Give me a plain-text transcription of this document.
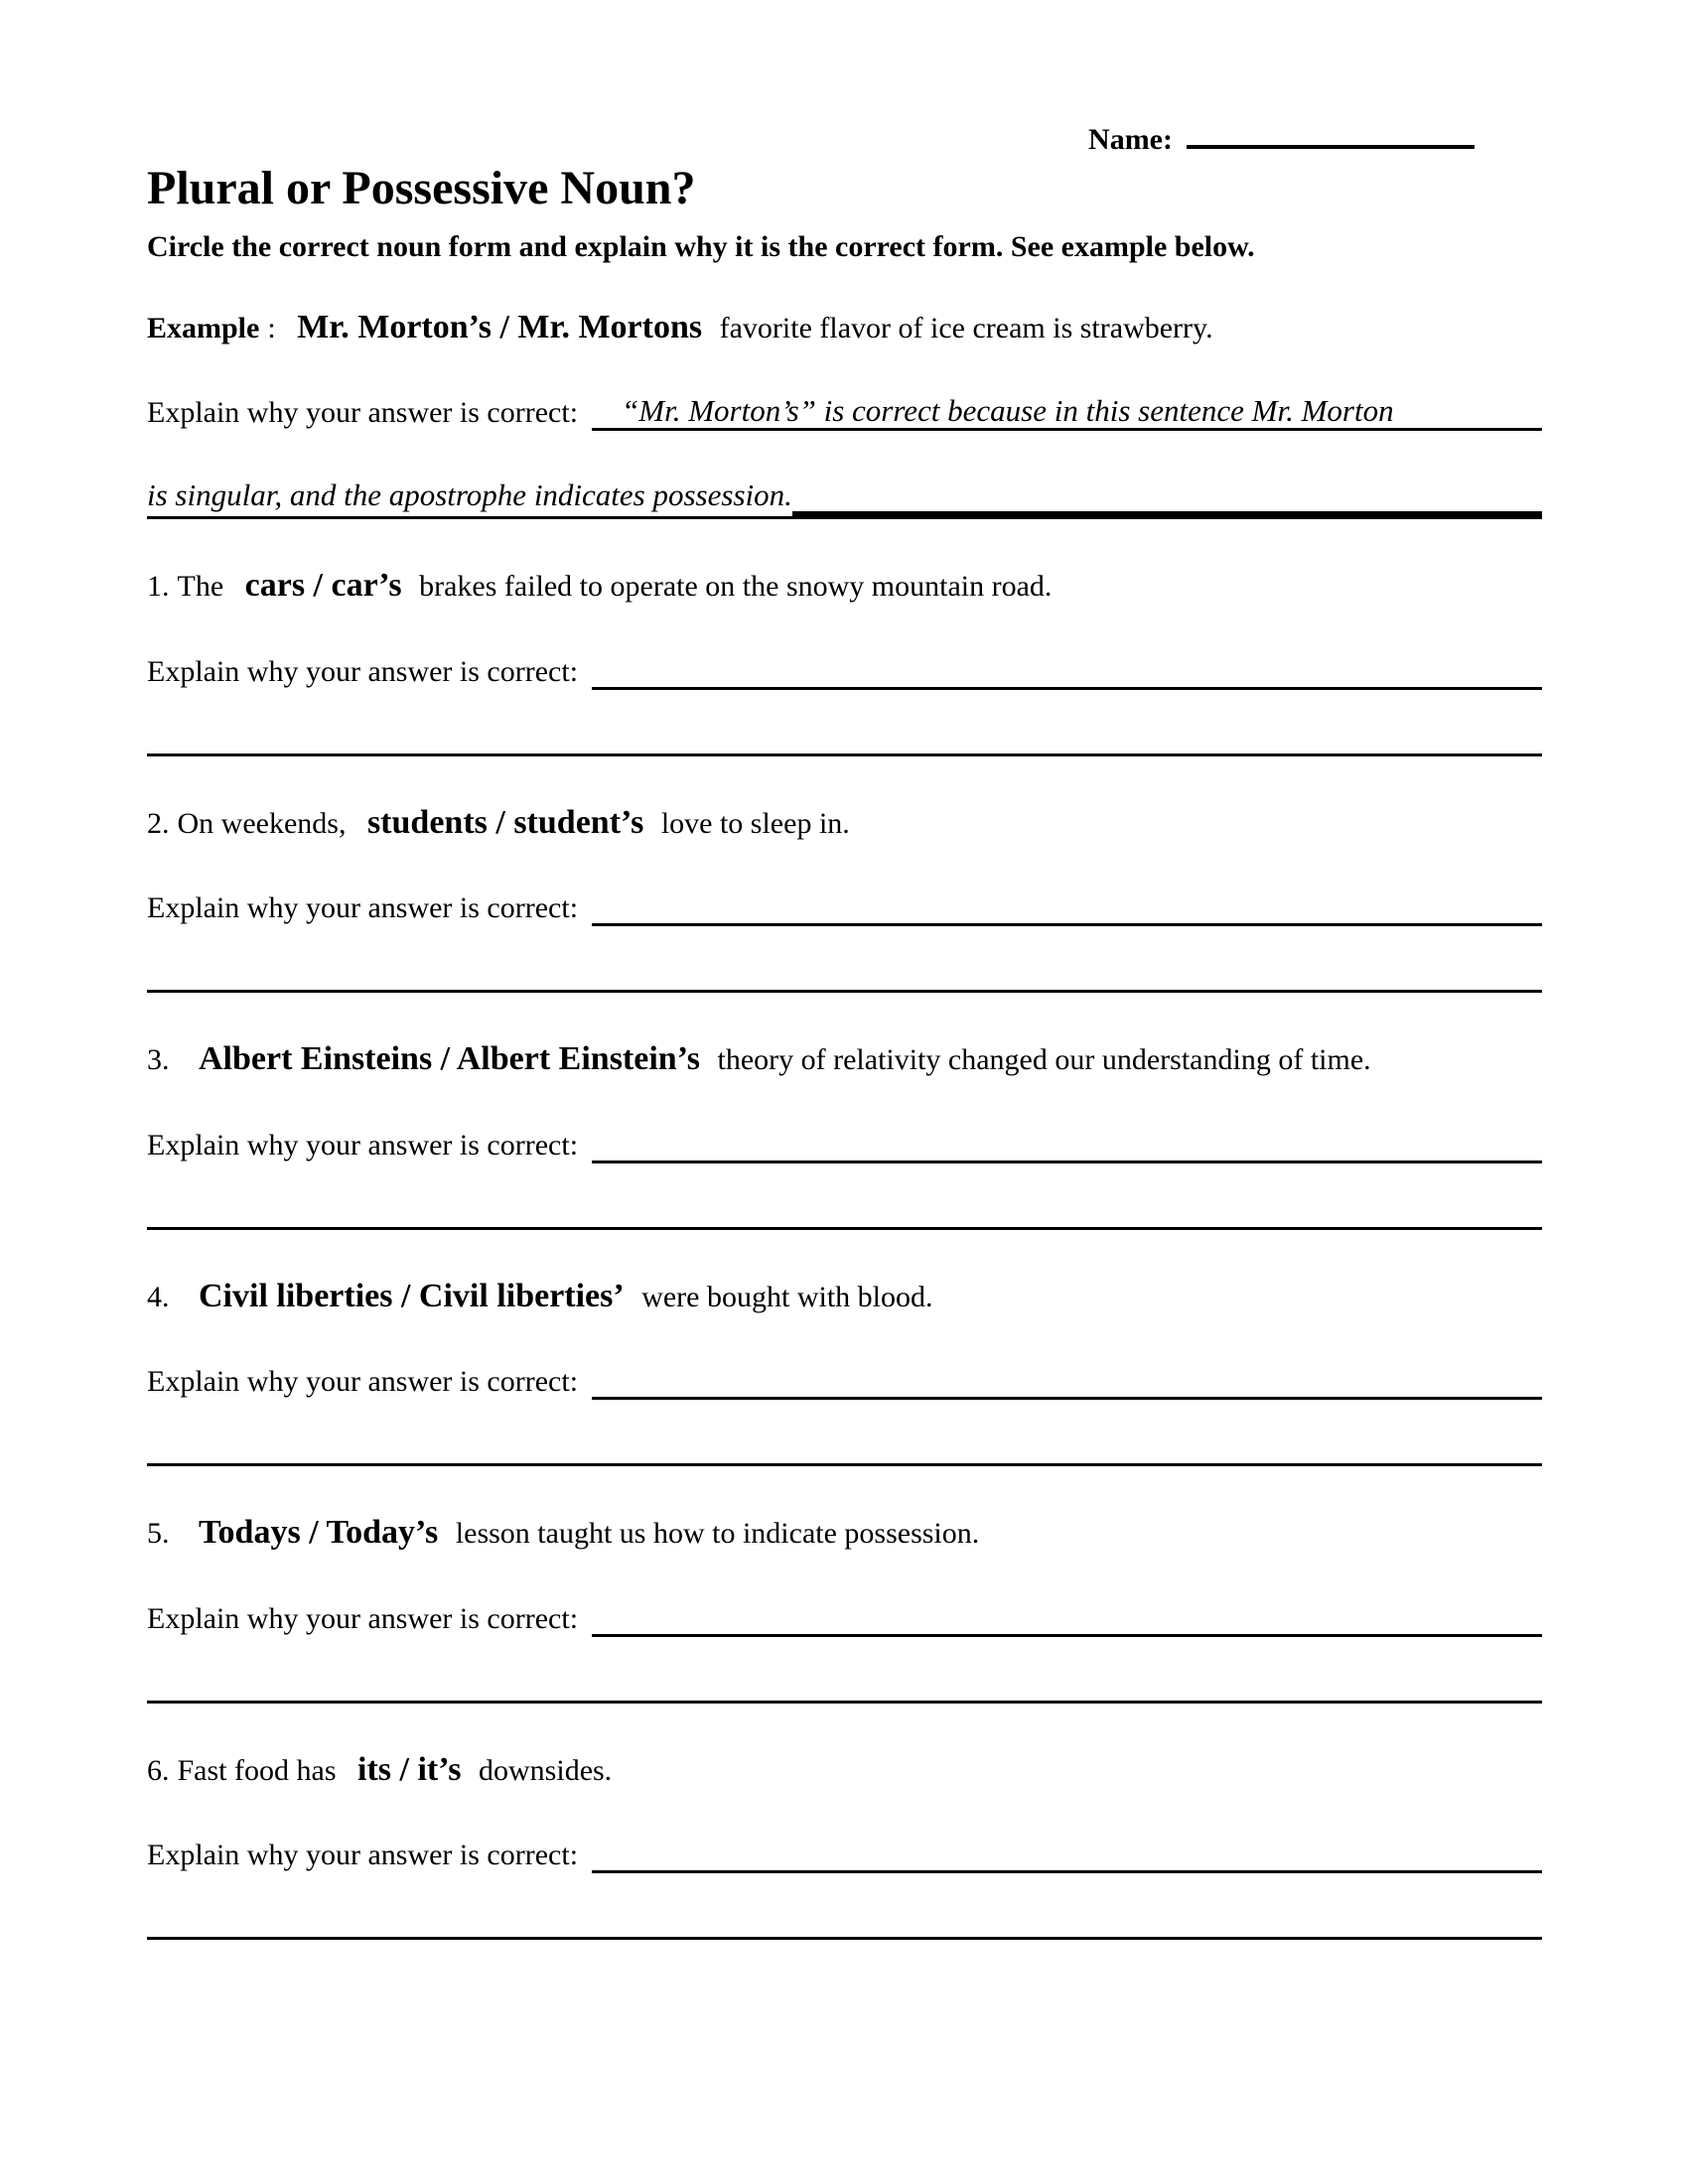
Name:
Plural or Possessive Noun?

Circle the correct noun form and explain why it is the correct form. See example below.

Example : Mr. Morton’s / Mr. Mortons favorite flavor of ice cream is strawberry.

Explain why your answer is correct:	“Mr. Morton’s” is correct because in this sentence Mr. Morton
is singular, and the apostrophe indicates possession.

1. The cars / car’s brakes failed to operate on the snowy mountain road.

Explain why your answer is correct:

2. On weekends, students / student’s love to sleep in.

Explain why your answer is correct:

3. Albert Einsteins / Albert Einstein’s theory of relativity changed our understanding of time.

Explain why your answer is correct:

4. Civil liberties / Civil liberties’ were bought with blood.

Explain why your answer is correct:

5. Todays / Today’s lesson taught us how to indicate possession.

Explain why your answer is correct:

6. Fast food has its / it’s downsides.

Explain why your answer is correct:
